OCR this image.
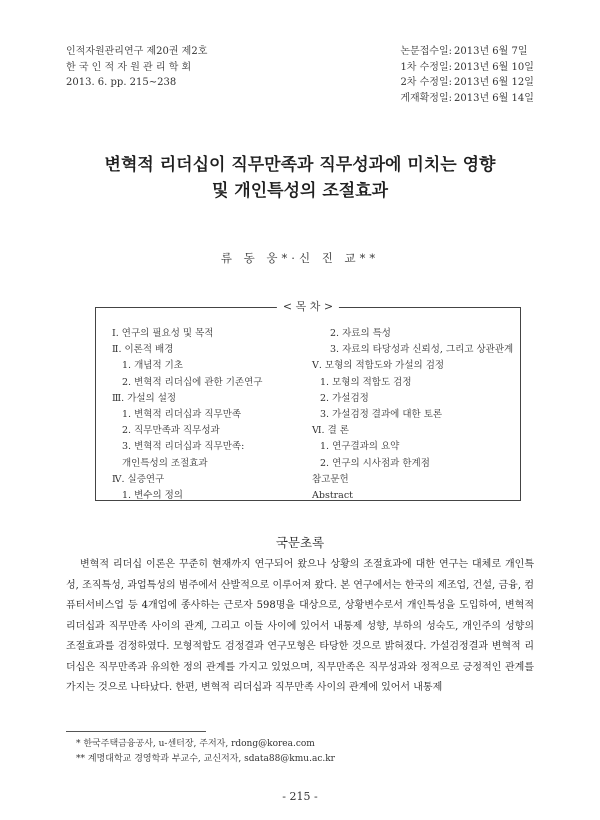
인적자원관리연구 제20권 제2호
한 국 인 적 자 원 관 리 학 회
2013. 6. pp. 215∼238
논문접수일: 2013년 6월 7일
1차 수정일: 2013년 6월 10일
2차 수정일: 2013년 6월 12일
게재확정일: 2013년 6월 14일
변혁적 리더십이 직무만족과 직무성과에 미치는 영향
및 개인특성의 조절효과
류 동 웅*·신 진 교**
< 목 차 >
Ⅰ. 연구의 필요성 및 목적
Ⅱ. 이론적 배경
1. 개념적 기초
2. 변혁적 리더십에 관한 기존연구
Ⅲ. 가설의 설정
1. 변혁적 리더십과 직무만족
2. 직무만족과 직무성과
3. 변혁적 리더십과 직무만족:
개인특성의 조절효과
Ⅳ. 실증연구
1. 변수의 정의
2. 자료의 특성
3. 자료의 타당성과 신뢰성, 그리고 상관관계
Ⅴ. 모형의 적합도와 가설의 검정
1. 모형의 적합도 검정
2. 가설검정
3. 가설검정 결과에 대한 토론
Ⅵ. 결 론
1. 연구결과의 요약
2. 연구의 시사점과 한계점
참고문헌
Abstract
국문초록

변혁적 리더십 이론은 꾸준히 현재까지 연구되어 왔으나 상황의 조절효과에 대한 연구는 대체로 개인특성, 조직특성, 과업특성의 범주에서 산발적으로 이루어져 왔다. 본 연구에서는 한국의 제조업, 건설, 금융, 컴퓨터서비스업 등 4개업에 종사하는 근로자 598명을 대상으로, 상황변수로서 개인특성을 도입하여, 변혁적 리더십과 직무만족 사이의 관계, 그리고 이들 사이에 있어서 내통제 성향, 부하의 성숙도, 개인주의 성향의 조절효과를 검정하였다. 모형적합도 검정결과 연구모형은 타당한 것으로 밝혀졌다. 가설검정결과 변혁적 리더십은 직무만족과 유의한 정의 관계를 가지고 있었으며, 직무만족은 직무성과와 정적으로 긍정적인 관계를 가지는 것으로 나타났다. 한편, 변혁적 리더십과 직무만족 사이의 관계에 있어서 내통제

* 한국주택금융공사, u-센터장, 주저자, rdong@korea.com
** 계명대학교 경영학과 부교수, 교신저자, sdata88@kmu.ac.kr
- 215 -
